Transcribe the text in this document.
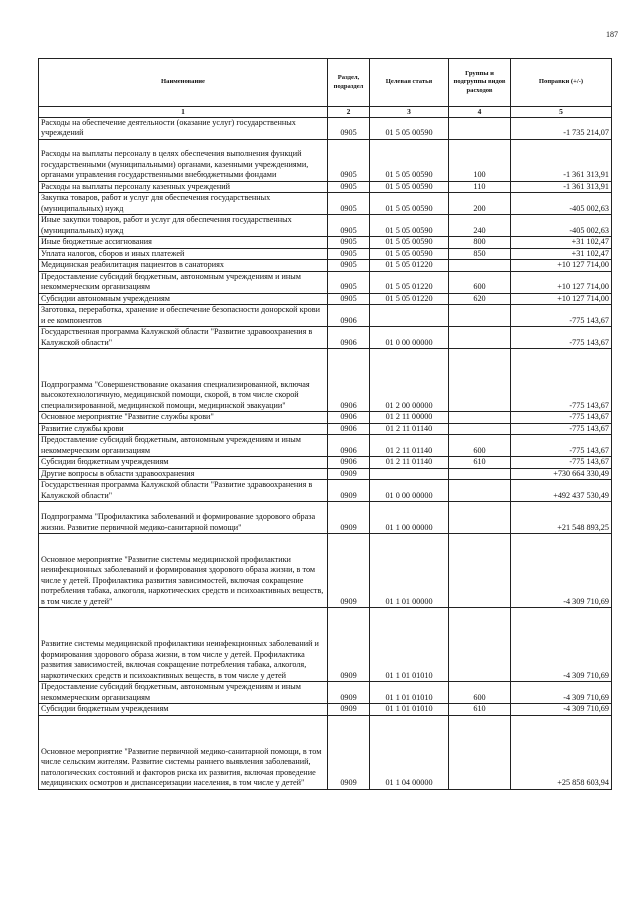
187
Наименование	Раздел, подраздел	Целевая статья	Группы и подгруппы видов расходов	Поправки (+/-)
1	2	3	4	5
Расходы на обеспечение деятельности (оказание услуг) государственных учреждений	0905	01 5 05 00590		-1 735 214,07
Расходы на выплаты персоналу в целях обеспечения выполнения функций государственными (муниципальными) органами, казенными учреждениями, органами управления государственными внебюджетными фондами	0905	01 5 05 00590	100	-1 361 313,91
Расходы на выплаты персоналу казенных учреждений	0905	01 5 05 00590	110	-1 361 313,91
Закупка товаров, работ и услуг для обеспечения государственных (муниципальных) нужд	0905	01 5 05 00590	200	-405 002,63
Иные закупки товаров, работ и услуг для обеспечения государственных (муниципальных) нужд	0905	01 5 05 00590	240	-405 002,63
Иные бюджетные ассигнования	0905	01 5 05 00590	800	+31 102,47
Уплата налогов, сборов и иных платежей	0905	01 5 05 00590	850	+31 102,47
Медицинская реабилитация пациентов в санаториях	0905	01 5 05 01220		+10 127 714,00
Предоставление субсидий бюджетным, автономным учреждениям и иным некоммерческим организациям	0905	01 5 05 01220	600	+10 127 714,00
Субсидии автономным учреждениям	0905	01 5 05 01220	620	+10 127 714,00
Заготовка, переработка, хранение и обеспечение безопасности донорской крови и ее компонентов	0906			-775 143,67
Государственная программа Калужской области "Развитие здравоохранения в Калужской области"	0906	01 0 00 00000		-775 143,67
Подпрограмма "Совершенствование оказания специализированной, включая высокотехнологичную, медицинской помощи, скорой, в том числе скорой специализированной, медицинской помощи, медицинской эвакуации"	0906	01 2 00 00000		-775 143,67
Основное мероприятие "Развитие службы крови"	0906	01 2 11 00000		-775 143,67
Развитие службы крови	0906	01 2 11 01140		-775 143,67
Предоставление субсидий бюджетным, автономным учреждениям и иным некоммерческим организациям	0906	01 2 11 01140	600	-775 143,67
Субсидии бюджетным учреждениям	0906	01 2 11 01140	610	-775 143,67
Другие вопросы в области здравоохранения	0909			+730 664 330,49
Государственная программа Калужской области "Развитие здравоохранения в Калужской области"	0909	01 0 00 00000		+492 437 530,49
Подпрограмма "Профилактика заболеваний и формирование здорового образа жизни. Развитие первичной медико-санитарной помощи"	0909	01 1 00 00000		+21 548 893,25
Основное мероприятие "Развитие системы медицинской профилактики неинфекционных заболеваний и формирования здорового образа жизни, в том числе у детей. Профилактика развития зависимостей, включая сокращение потребления табака, алкоголя, наркотических средств и психоактивных веществ, в том числе у детей"	0909	01 1 01 00000		-4 309 710,69
Развитие системы медицинской профилактики неинфекционных заболеваний и формирования здорового образа жизни, в том числе у детей. Профилактика развития зависимостей, включая сокращение потребления табака, алкоголя, наркотических средств и психоактивных веществ, в том числе у детей	0909	01 1 01 01010		-4 309 710,69
Предоставление субсидий бюджетным, автономным учреждениям и иным некоммерческим организациям	0909	01 1 01 01010	600	-4 309 710,69
Субсидии бюджетным учреждениям	0909	01 1 01 01010	610	-4 309 710,69
Основное мероприятие "Развитие первичной медико-санитарной помощи, в том числе сельским жителям. Развитие системы раннего выявления заболеваний, патологических состояний и факторов риска их развития, включая проведение медицинских осмотров и диспансеризации населения, в том числе у детей"	0909	01 1 04 00000		+25 858 603,94
